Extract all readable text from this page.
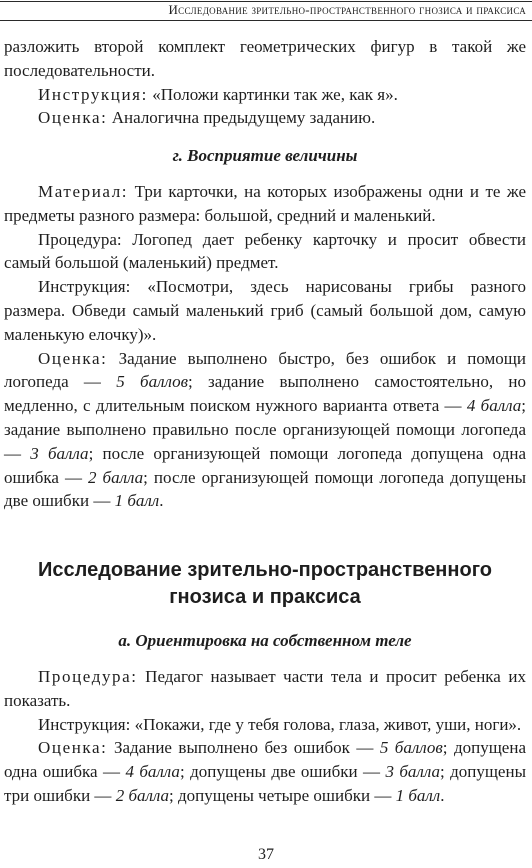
Исследование зрительно-пространственного гнозиса и праксиса

разложить второй комплект геометрических фигур в такой же последовательности.

Инструкция: «Положи картинки так же, как я».

Оценка: Аналогична предыдущему заданию.

г. Восприятие величины

Материал: Три карточки, на которых изображены одни и те же предметы разного размера: большой, средний и маленький.

Процедура: Логопед дает ребенку карточку и просит обвести самый большой (маленький) предмет.

Инструкция: «Посмотри, здесь нарисованы грибы разного размера. Обведи самый маленький гриб (самый большой дом, самую маленькую елочку)».

Оценка: Задание выполнено быстро, без ошибок и помощи логопеда — 5 баллов; задание выполнено самостоятельно, но медленно, с длительным поиском нужного варианта ответа — 4 балла; задание выполнено правильно после организующей помощи логопеда — 3 балла; после организующей помощи логопеда допущена одна ошибка — 2 балла; после организующей помощи логопеда допущены две ошибки — 1 балл.

Исследование зрительно-пространственного гнозиса и праксиса

а. Ориентировка на собственном теле

Процедура: Педагог называет части тела и просит ребенка их показать.

Инструкция: «Покажи, где у тебя голова, глаза, живот, уши, ноги».

Оценка: Задание выполнено без ошибок — 5 баллов; допущена одна ошибка — 4 балла; допущены две ошибки — 3 балла; допущены три ошибки — 2 балла; допущены четыре ошибки — 1 балл.

37
